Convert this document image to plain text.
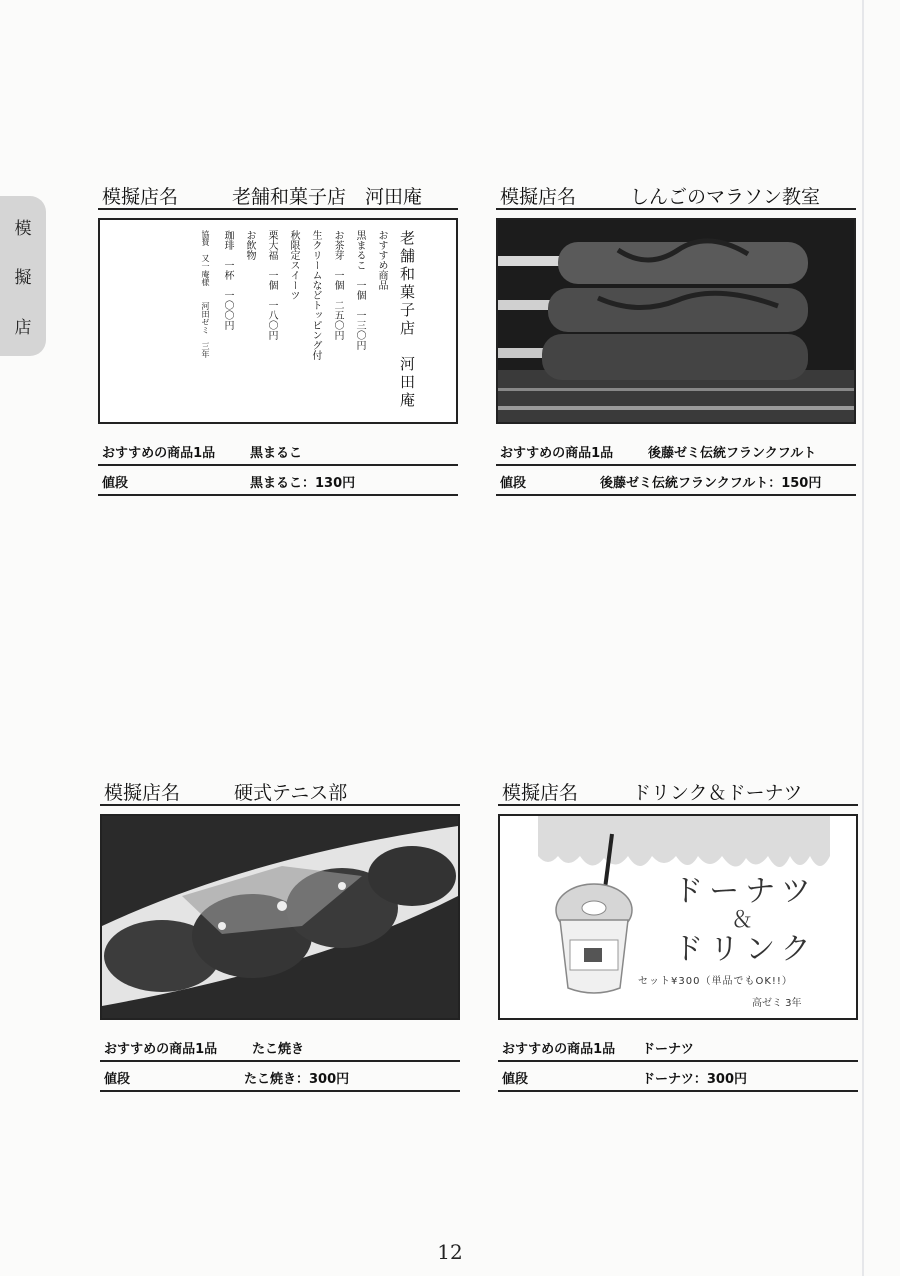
模
擬
店
模擬店名	老舗和菓子店　河田庵
老舗和菓子店　河田庵
おすすめ商品
黒まるこ　一個　一三〇円
お茶芽　一個　二五〇円
生クリームなどトッピング付
秋限定スイーツ
栗大福　一個　一八〇円
お飲物
珈琲　一杯　一〇〇円
協賛　又一庵様　　河田ゼミ　三年
おすすめの商品1品	黒まるこ
値段	黒まるこ：130円
模擬店名	しんごのマラソン教室
おすすめの商品1品	後藤ゼミ伝統フランクフルト
値段	後藤ゼミ伝統フランクフルト：150円
模擬店名	硬式テニス部
おすすめの商品1品	たこ焼き
値段	たこ焼き：300円
模擬店名	ドリンク＆ドーナツ
ドーナツ
＆
ドリンク
セット¥300（単品でもOK!!）
高ゼミ 3年
おすすめの商品1品	ドーナツ
値段	ドーナツ：300円
12
